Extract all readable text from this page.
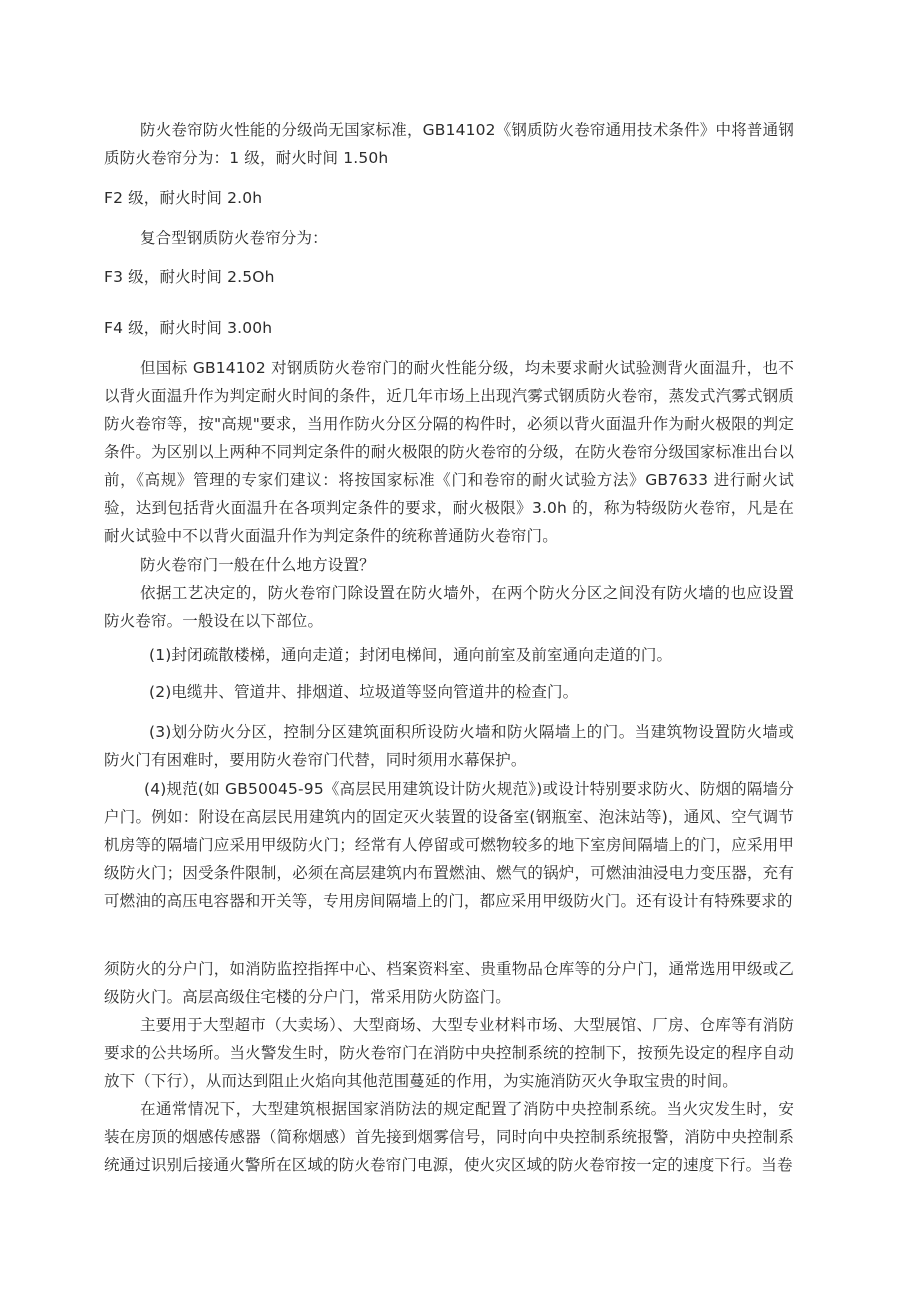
防火卷帘防火性能的分级尚无国家标准，GB14102《钢质防火卷帘通用技术条件》中将普通钢质防火卷帘分为：1 级，耐火时间 1.50h

F2 级，耐火时间 2.0h

复合型钢质防火卷帘分为：

F3 级，耐火时间 2.5Oh

F4 级，耐火时间 3.00h

但国标 GB14102 对钢质防火卷帘门的耐火性能分级，均未要求耐火试验测背火面温升，也不以背火面温升作为判定耐火时间的条件，近几年市场上出现汽雾式钢质防火卷帘，蒸发式汽雾式钢质防火卷帘等，按"高规"要求，当用作防火分区分隔的构件时，必须以背火面温升作为耐火极限的判定条件。为区别以上两种不同判定条件的耐火极限的防火卷帘的分级，在防火卷帘分级国家标准出台以前，《高规》管理的专家们建议：将按国家标准《门和卷帘的耐火试验方法》GB7633 进行耐火试验，达到包括背火面温升在各项判定条件的要求，耐火极限》3.0h 的，称为特级防火卷帘，凡是在耐火试验中不以背火面温升作为判定条件的统称普通防火卷帘门。

防火卷帘门一般在什么地方设置？

依据工艺决定的，防火卷帘门除设置在防火墙外，在两个防火分区之间没有防火墙的也应设置防火卷帘。一般设在以下部位。

(1)封闭疏散楼梯，通向走道；封闭电梯间，通向前室及前室通向走道的门。

(2)电缆井、管道井、排烟道、垃圾道等竖向管道井的检查门。

(3)划分防火分区，控制分区建筑面积所设防火墙和防火隔墙上的门。当建筑物设置防火墙或防火门有困难时，要用防火卷帘门代替，同时须用水幕保护。

(4)规范(如 GB50045-95《高层民用建筑设计防火规范》)或设计特别要求防火、防烟的隔墙分户门。例如：附设在高层民用建筑内的固定灭火装置的设备室(钢瓶室、泡沫站等)，通风、空气调节机房等的隔墙门应采用甲级防火门；经常有人停留或可燃物较多的地下室房间隔墙上的门，应采用甲级防火门；因受条件限制，必须在高层建筑内布置燃油、燃气的锅炉，可燃油油浸电力变压器，充有可燃油的高压电容器和开关等，专用房间隔墙上的门，都应采用甲级防火门。还有设计有特殊要求的

须防火的分户门，如消防监控指挥中心、档案资料室、贵重物品仓库等的分户门，通常选用甲级或乙级防火门。高层高级住宅楼的分户门，常采用防火防盗门。

主要用于大型超市（大卖场）、大型商场、大型专业材料市场、大型展馆、厂房、仓库等有消防要求的公共场所。当火警发生时，防火卷帘门在消防中央控制系统的控制下，按预先设定的程序自动放下（下行），从而达到阻止火焰向其他范围蔓延的作用，为实施消防灭火争取宝贵的时间。

在通常情况下，大型建筑根据国家消防法的规定配置了消防中央控制系统。当火灾发生时，安装在房顶的烟感传感器（简称烟感）首先接到烟雾信号，同时向中央控制系统报警，消防中央控制系统通过识别后接通火警所在区域的防火卷帘门电源，使火灾区域的防火卷帘按一定的速度下行。当卷
